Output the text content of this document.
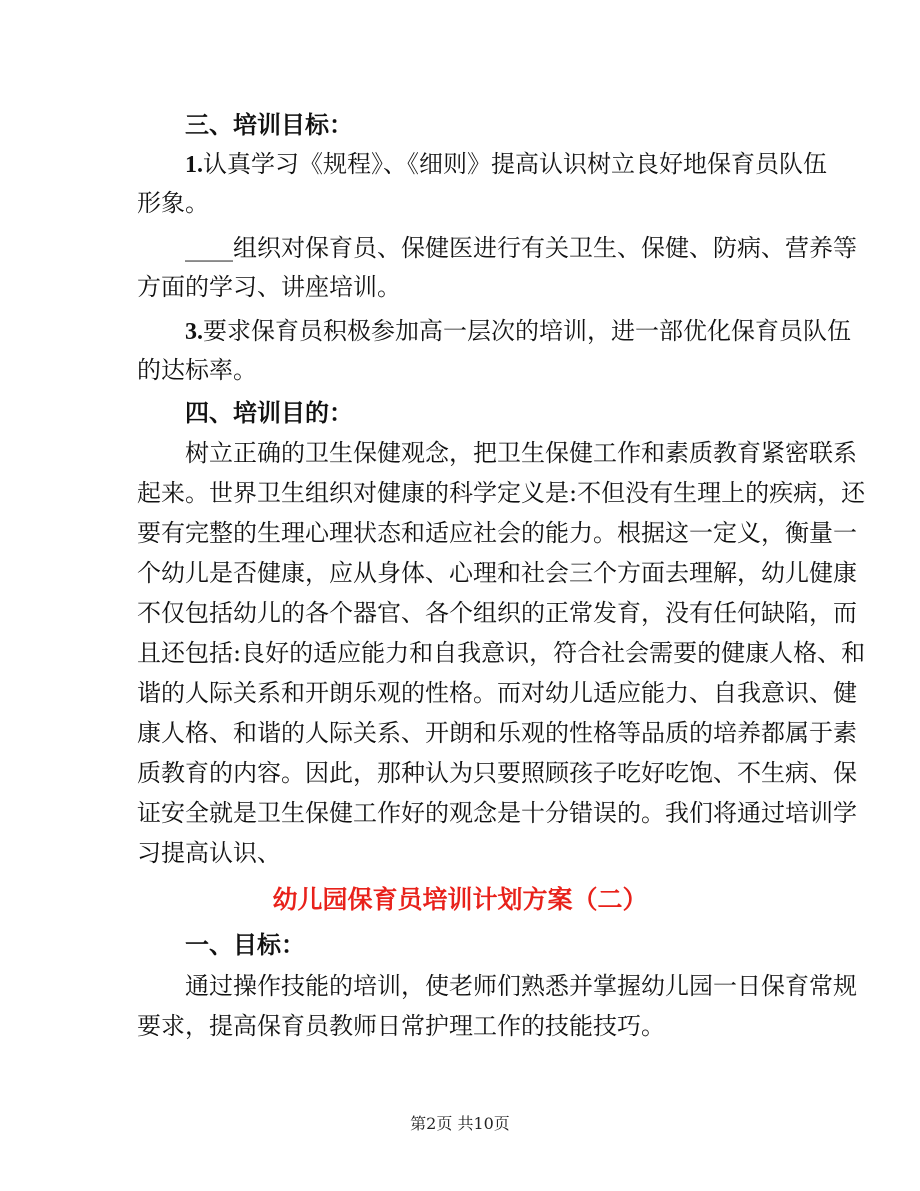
三、培训目标：

1.认真学习《规程》、《细则》提高认识树立良好地保育员队伍

形象。

____组织对保育员、保健医进行有关卫生、保健、防病、营养等

方面的学习、讲座培训。

3.要求保育员积极参加高一层次的培训，进一部优化保育员队伍

的达标率。

四、培训目的：

树立正确的卫生保健观念，把卫生保健工作和素质教育紧密联系

起来。世界卫生组织对健康的科学定义是:不但没有生理上的疾病，还

要有完整的生理心理状态和适应社会的能力。根据这一定义，衡量一

个幼儿是否健康，应从身体、心理和社会三个方面去理解，幼儿健康

不仅包括幼儿的各个器官、各个组织的正常发育，没有任何缺陷，而

且还包括:良好的适应能力和自我意识，符合社会需要的健康人格、和

谐的人际关系和开朗乐观的性格。而对幼儿适应能力、自我意识、健

康人格、和谐的人际关系、开朗和乐观的性格等品质的培养都属于素

质教育的内容。因此，那种认为只要照顾孩子吃好吃饱、不生病、保

证安全就是卫生保健工作好的观念是十分错误的。我们将通过培训学

习提高认识、

幼儿园保育员培训计划方案（二）

一、目标：

通过操作技能的培训，使老师们熟悉并掌握幼儿园一日保育常规

要求，提高保育员教师日常护理工作的技能技巧。

第2页 共10页
